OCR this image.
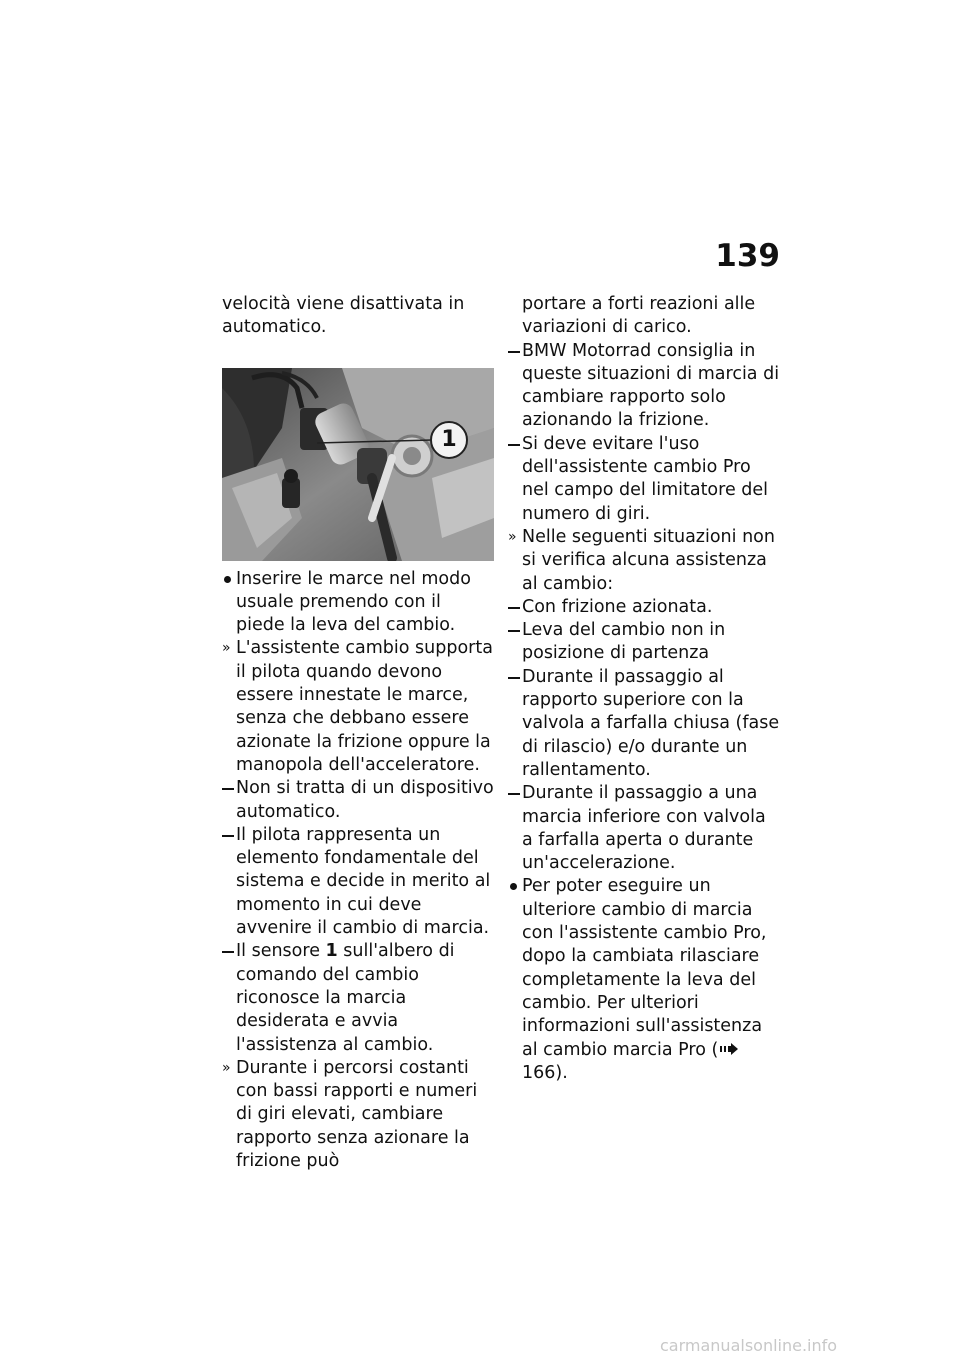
139

velocità viene disattivata in automatico.

1
Inserire le marce nel modo usuale premendo con il piede la leva del cambio.
» L'assistente cambio supporta il pilota quando devono essere innestate le marce, senza che debbano essere azionate la frizione oppure la manopola dell'acceleratore.
Non si tratta di un dispositivo automatico.
Il pilota rappresenta un elemento fondamentale del sistema e decide in merito al momento in cui deve avvenire il cambio di marcia.
Il sensore 1 sull'albero di comando del cambio riconosce la marcia desiderata e avvia l'assistenza al cambio.
» Durante i percorsi costanti con bassi rapporti e numeri di giri elevati, cambiare rapporto senza azionare la frizione può

portare a forti reazioni alle variazioni di carico.

BMW Motorrad consiglia in queste situazioni di marcia di cambiare rapporto solo azionando la frizione.
Si deve evitare l'uso dell'assistente cambio Pro nel campo del limitatore del numero di giri.
» Nelle seguenti situazioni non si verifica alcuna assistenza al cambio:
Con frizione azionata.
Leva del cambio non in posizione di partenza
Durante il passaggio al rapporto superiore con la valvola a farfalla chiusa (fase di rilascio) e/o durante un rallentamento.
Durante il passaggio a una marcia inferiore con valvola a farfalla aperta o durante un'accelerazione.
Per poter eseguire un ulteriore cambio di marcia con l'assistente cambio Pro, dopo la cambiata rilasciare completamente la leva del cambio. Per ulteriori informazioni sull'assistenza al cambio marcia Pro (166).
carmanualsonline.info
